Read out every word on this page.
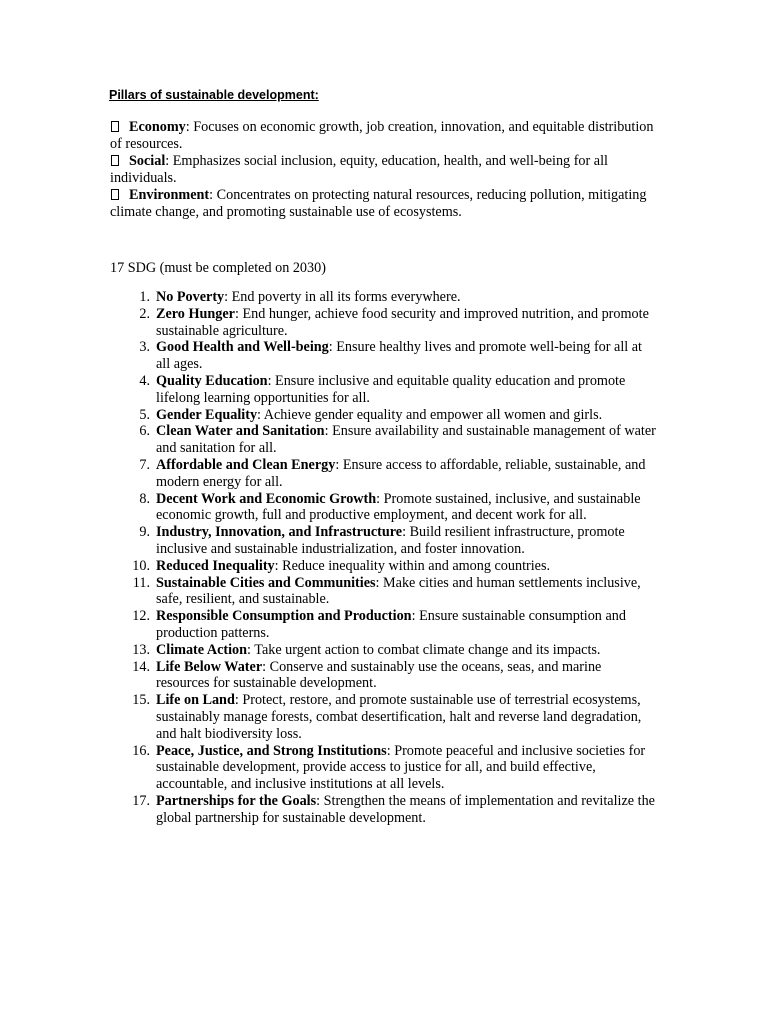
Pillars of sustainable development:

Economy: Focuses on economic growth, job creation, innovation, and equitable distribution of resources.

Social: Emphasizes social inclusion, equity, education, health, and well-being for all individuals.

Environment: Concentrates on protecting natural resources, reducing pollution, mitigating climate change, and promoting sustainable use of ecosystems.

17 SDG (must be completed on 2030)
1. No Poverty: End poverty in all its forms everywhere.
2. Zero Hunger: End hunger, achieve food security and improved nutrition, and promote sustainable agriculture.
3. Good Health and Well-being: Ensure healthy lives and promote well-being for all at all ages.
4. Quality Education: Ensure inclusive and equitable quality education and promote lifelong learning opportunities for all.
5. Gender Equality: Achieve gender equality and empower all women and girls.
6. Clean Water and Sanitation: Ensure availability and sustainable management of water and sanitation for all.
7. Affordable and Clean Energy: Ensure access to affordable, reliable, sustainable, and modern energy for all.
8. Decent Work and Economic Growth: Promote sustained, inclusive, and sustainable economic growth, full and productive employment, and decent work for all.
9. Industry, Innovation, and Infrastructure: Build resilient infrastructure, promote inclusive and sustainable industrialization, and foster innovation.
10. Reduced Inequality: Reduce inequality within and among countries.
11. Sustainable Cities and Communities: Make cities and human settlements inclusive, safe, resilient, and sustainable.
12. Responsible Consumption and Production: Ensure sustainable consumption and production patterns.
13. Climate Action: Take urgent action to combat climate change and its impacts.
14. Life Below Water: Conserve and sustainably use the oceans, seas, and marine resources for sustainable development.
15. Life on Land: Protect, restore, and promote sustainable use of terrestrial ecosystems, sustainably manage forests, combat desertification, halt and reverse land degradation, and halt biodiversity loss.
16. Peace, Justice, and Strong Institutions: Promote peaceful and inclusive societies for sustainable development, provide access to justice for all, and build effective, accountable, and inclusive institutions at all levels.
17. Partnerships for the Goals: Strengthen the means of implementation and revitalize the global partnership for sustainable development.
